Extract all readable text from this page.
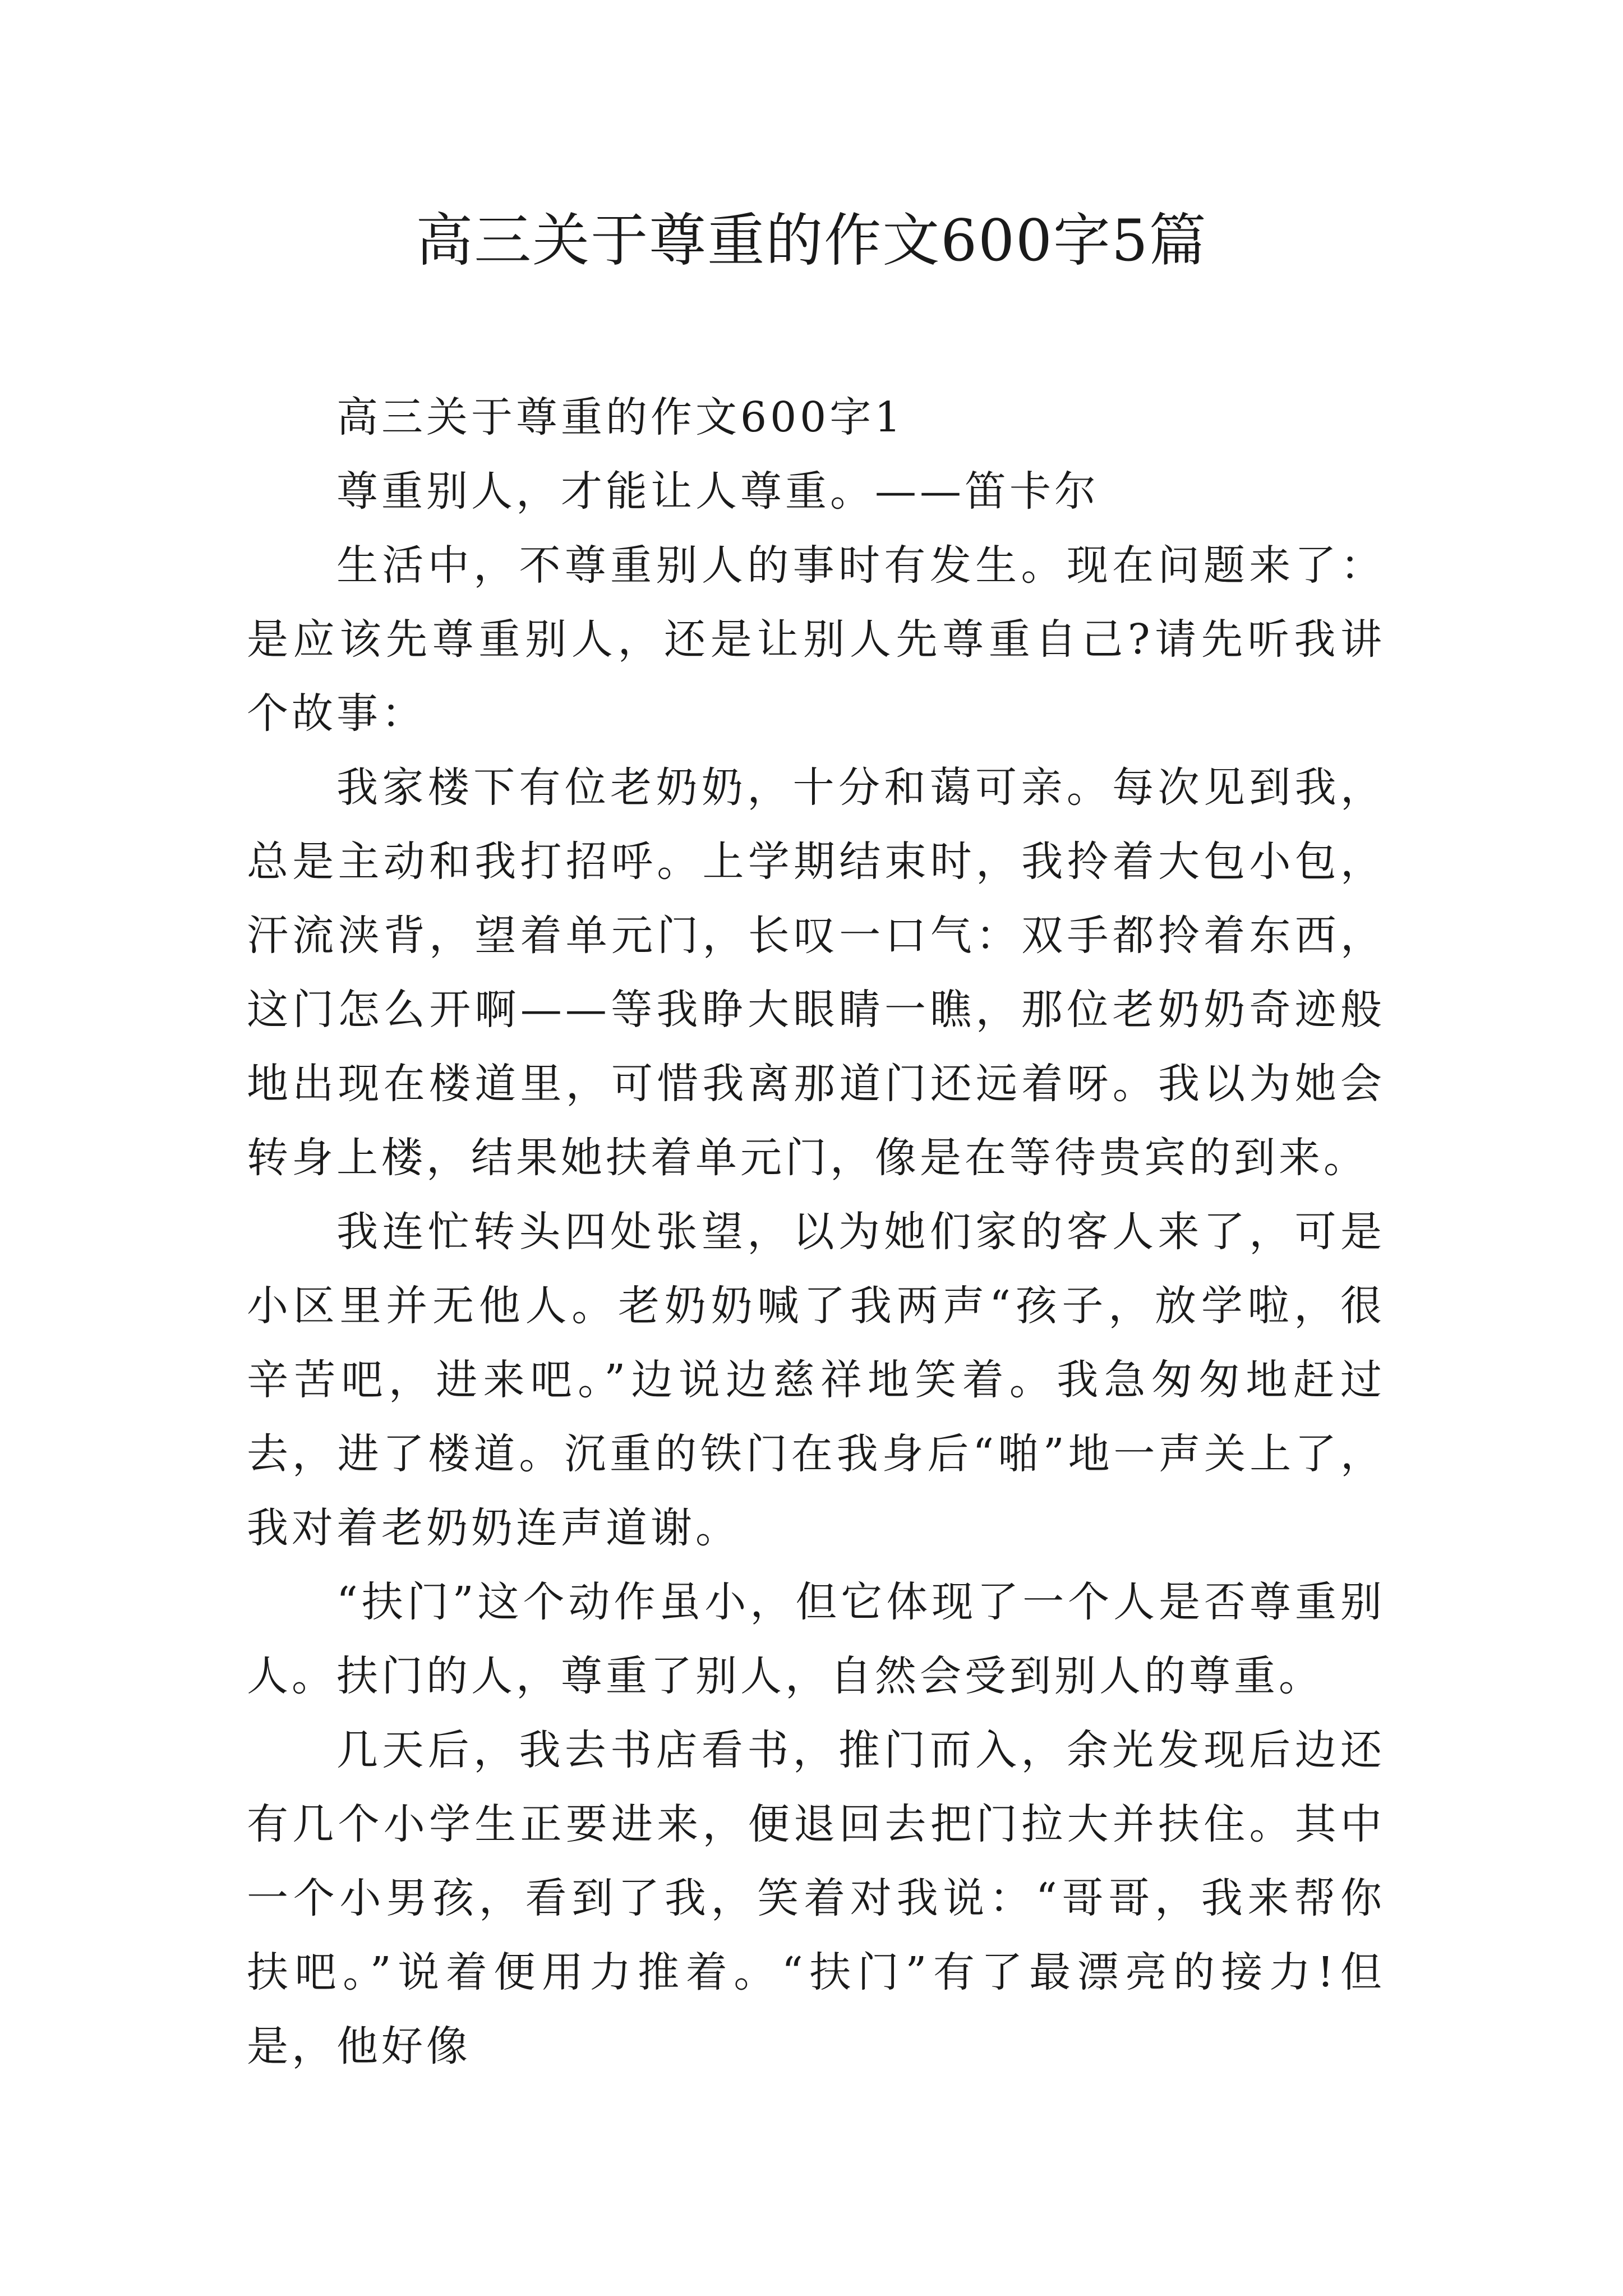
高三关于尊重的作文600字5篇

高三关于尊重的作文600字1

尊重别人，才能让人尊重。——笛卡尔

生活中，不尊重别人的事时有发生。现在问题来了：是应该先尊重别人，还是让别人先尊重自己?请先听我讲个故事：

我家楼下有位老奶奶，十分和蔼可亲。每次见到我，总是主动和我打招呼。上学期结束时，我拎着大包小包，汗流浃背，望着单元门，长叹一口气：双手都拎着东西，这门怎么开啊——等我睁大眼睛一瞧，那位老奶奶奇迹般地出现在楼道里，可惜我离那道门还远着呀。我以为她会转身上楼，结果她扶着单元门，像是在等待贵宾的到来。

我连忙转头四处张望，以为她们家的客人来了，可是小区里并无他人。老奶奶喊了我两声“孩子，放学啦，很辛苦吧，进来吧。”边说边慈祥地笑着。我急匆匆地赶过去，进了楼道。沉重的铁门在我身后“啪”地一声关上了，我对着老奶奶连声道谢。

“扶门”这个动作虽小，但它体现了一个人是否尊重别人。扶门的人，尊重了别人，自然会受到别人的尊重。

几天后，我去书店看书，推门而入，余光发现后边还有几个小学生正要进来，便退回去把门拉大并扶住。其中一个小男孩，看到了我，笑着对我说：“哥哥，我来帮你扶吧。”说着便用力推着。“扶门”有了最漂亮的接力!但是，他好像
